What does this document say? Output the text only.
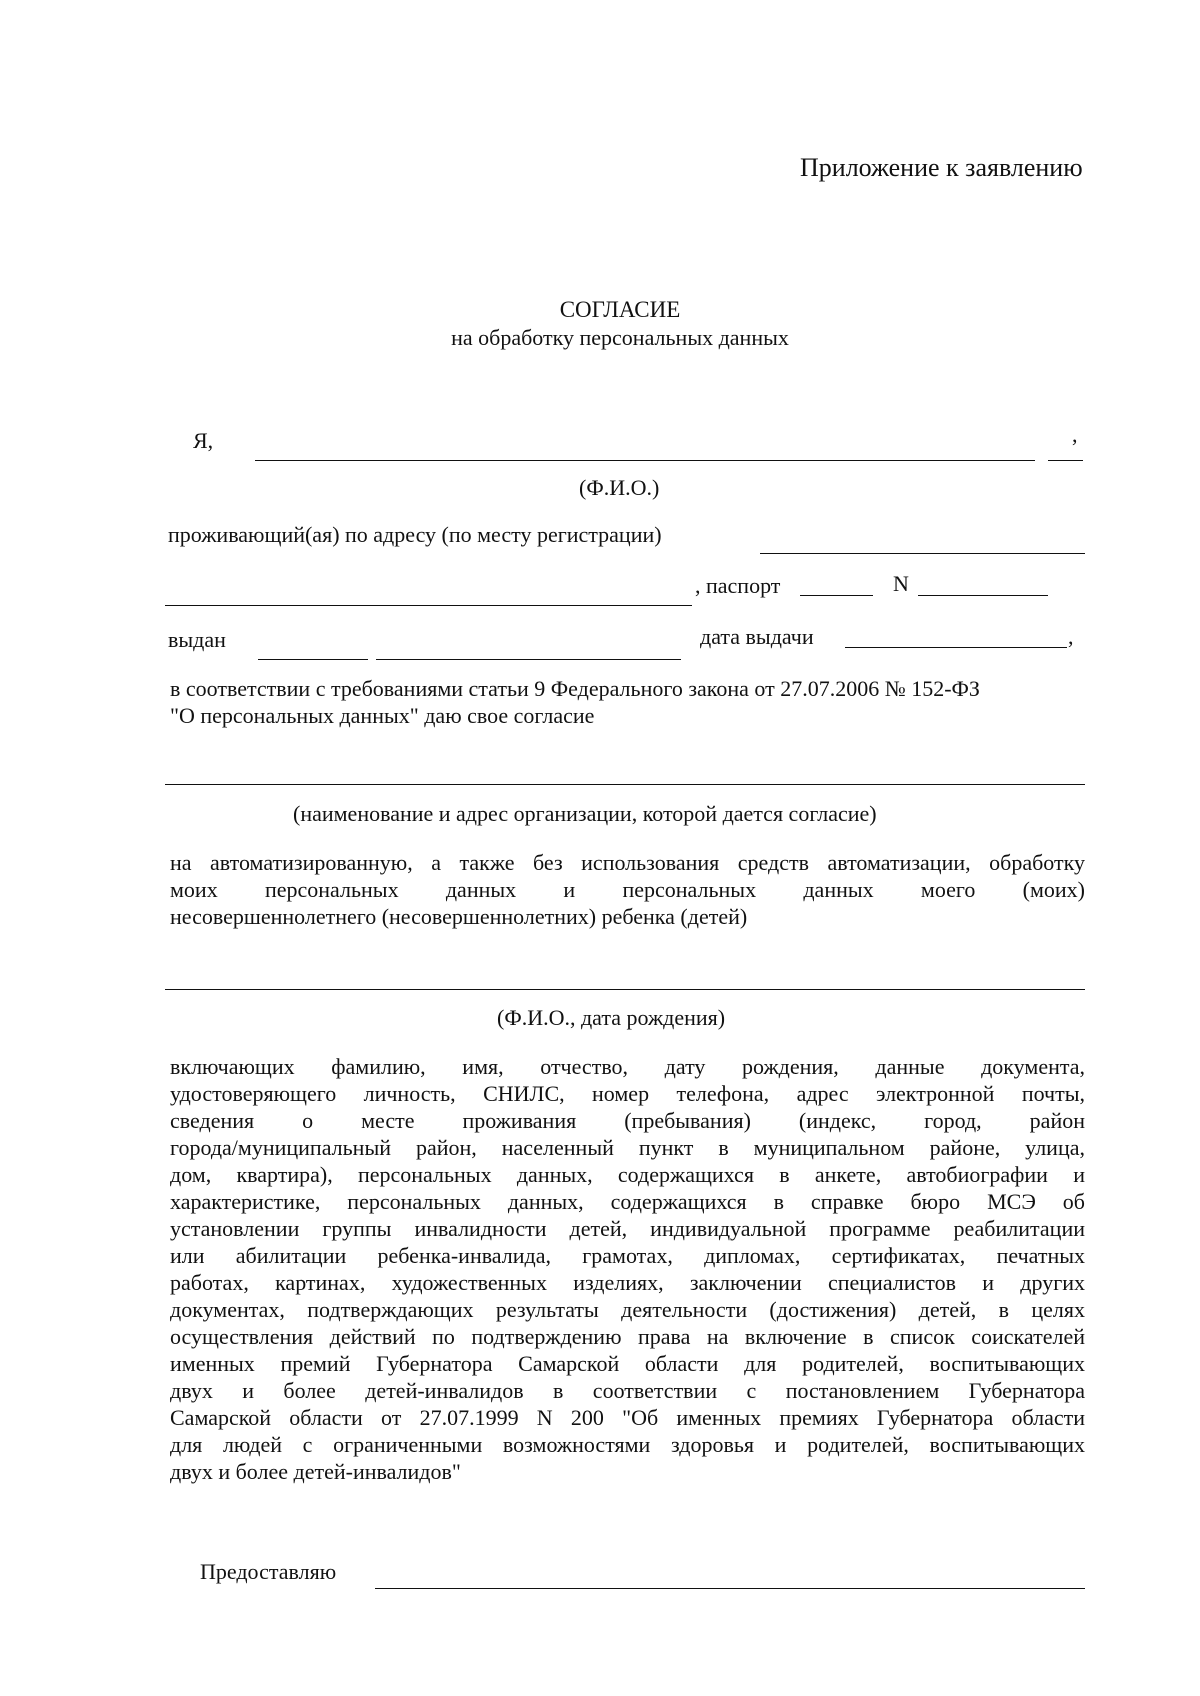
Приложение к заявлению
СОГЛАСИЕ
на обработку персональных данных
Я,	,
(Ф.И.О.)
проживающий(ая) по адресу (по месту регистрации)
, паспорт	N
выдан	дата выдачи	,
в соответствии с требованиями статьи 9 Федерального закона от 27.07.2006 № 152-ФЗ
"О персональных данных" даю свое согласие
(наименование и адрес организации, которой дается согласие)
на автоматизированную, а также без использования средств автоматизации, обработку
моих персональных данных и персональных данных моего (моих)
несовершеннолетнего (несовершеннолетних) ребенка (детей)
(Ф.И.О., дата рождения)
включающих фамилию, имя, отчество, дату рождения, данные документа,
удостоверяющего личность, СНИЛС, номер телефона, адрес электронной почты,
сведения о месте проживания (пребывания) (индекс, город, район
города/муниципальный район, населенный пункт в муниципальном районе, улица,
дом, квартира), персональных данных, содержащихся в анкете, автобиографии и
характеристике, персональных данных, содержащихся в справке бюро МСЭ об
установлении группы инвалидности детей, индивидуальной программе реабилитации
или абилитации ребенка-инвалида, грамотах, дипломах, сертификатах, печатных
работах, картинах, художественных изделиях, заключении специалистов и других
документах, подтверждающих результаты деятельности (достижения) детей, в целях
осуществления действий по подтверждению права на включение в список соискателей
именных премий Губернатора Самарской области для родителей, воспитывающих
двух и более детей-инвалидов в соответствии с постановлением Губернатора
Самарской области от 27.07.1999 N 200 "Об именных премиях Губернатора области
для людей с ограниченными возможностями здоровья и родителей, воспитывающих
двух и более детей-инвалидов"
Предоставляю
